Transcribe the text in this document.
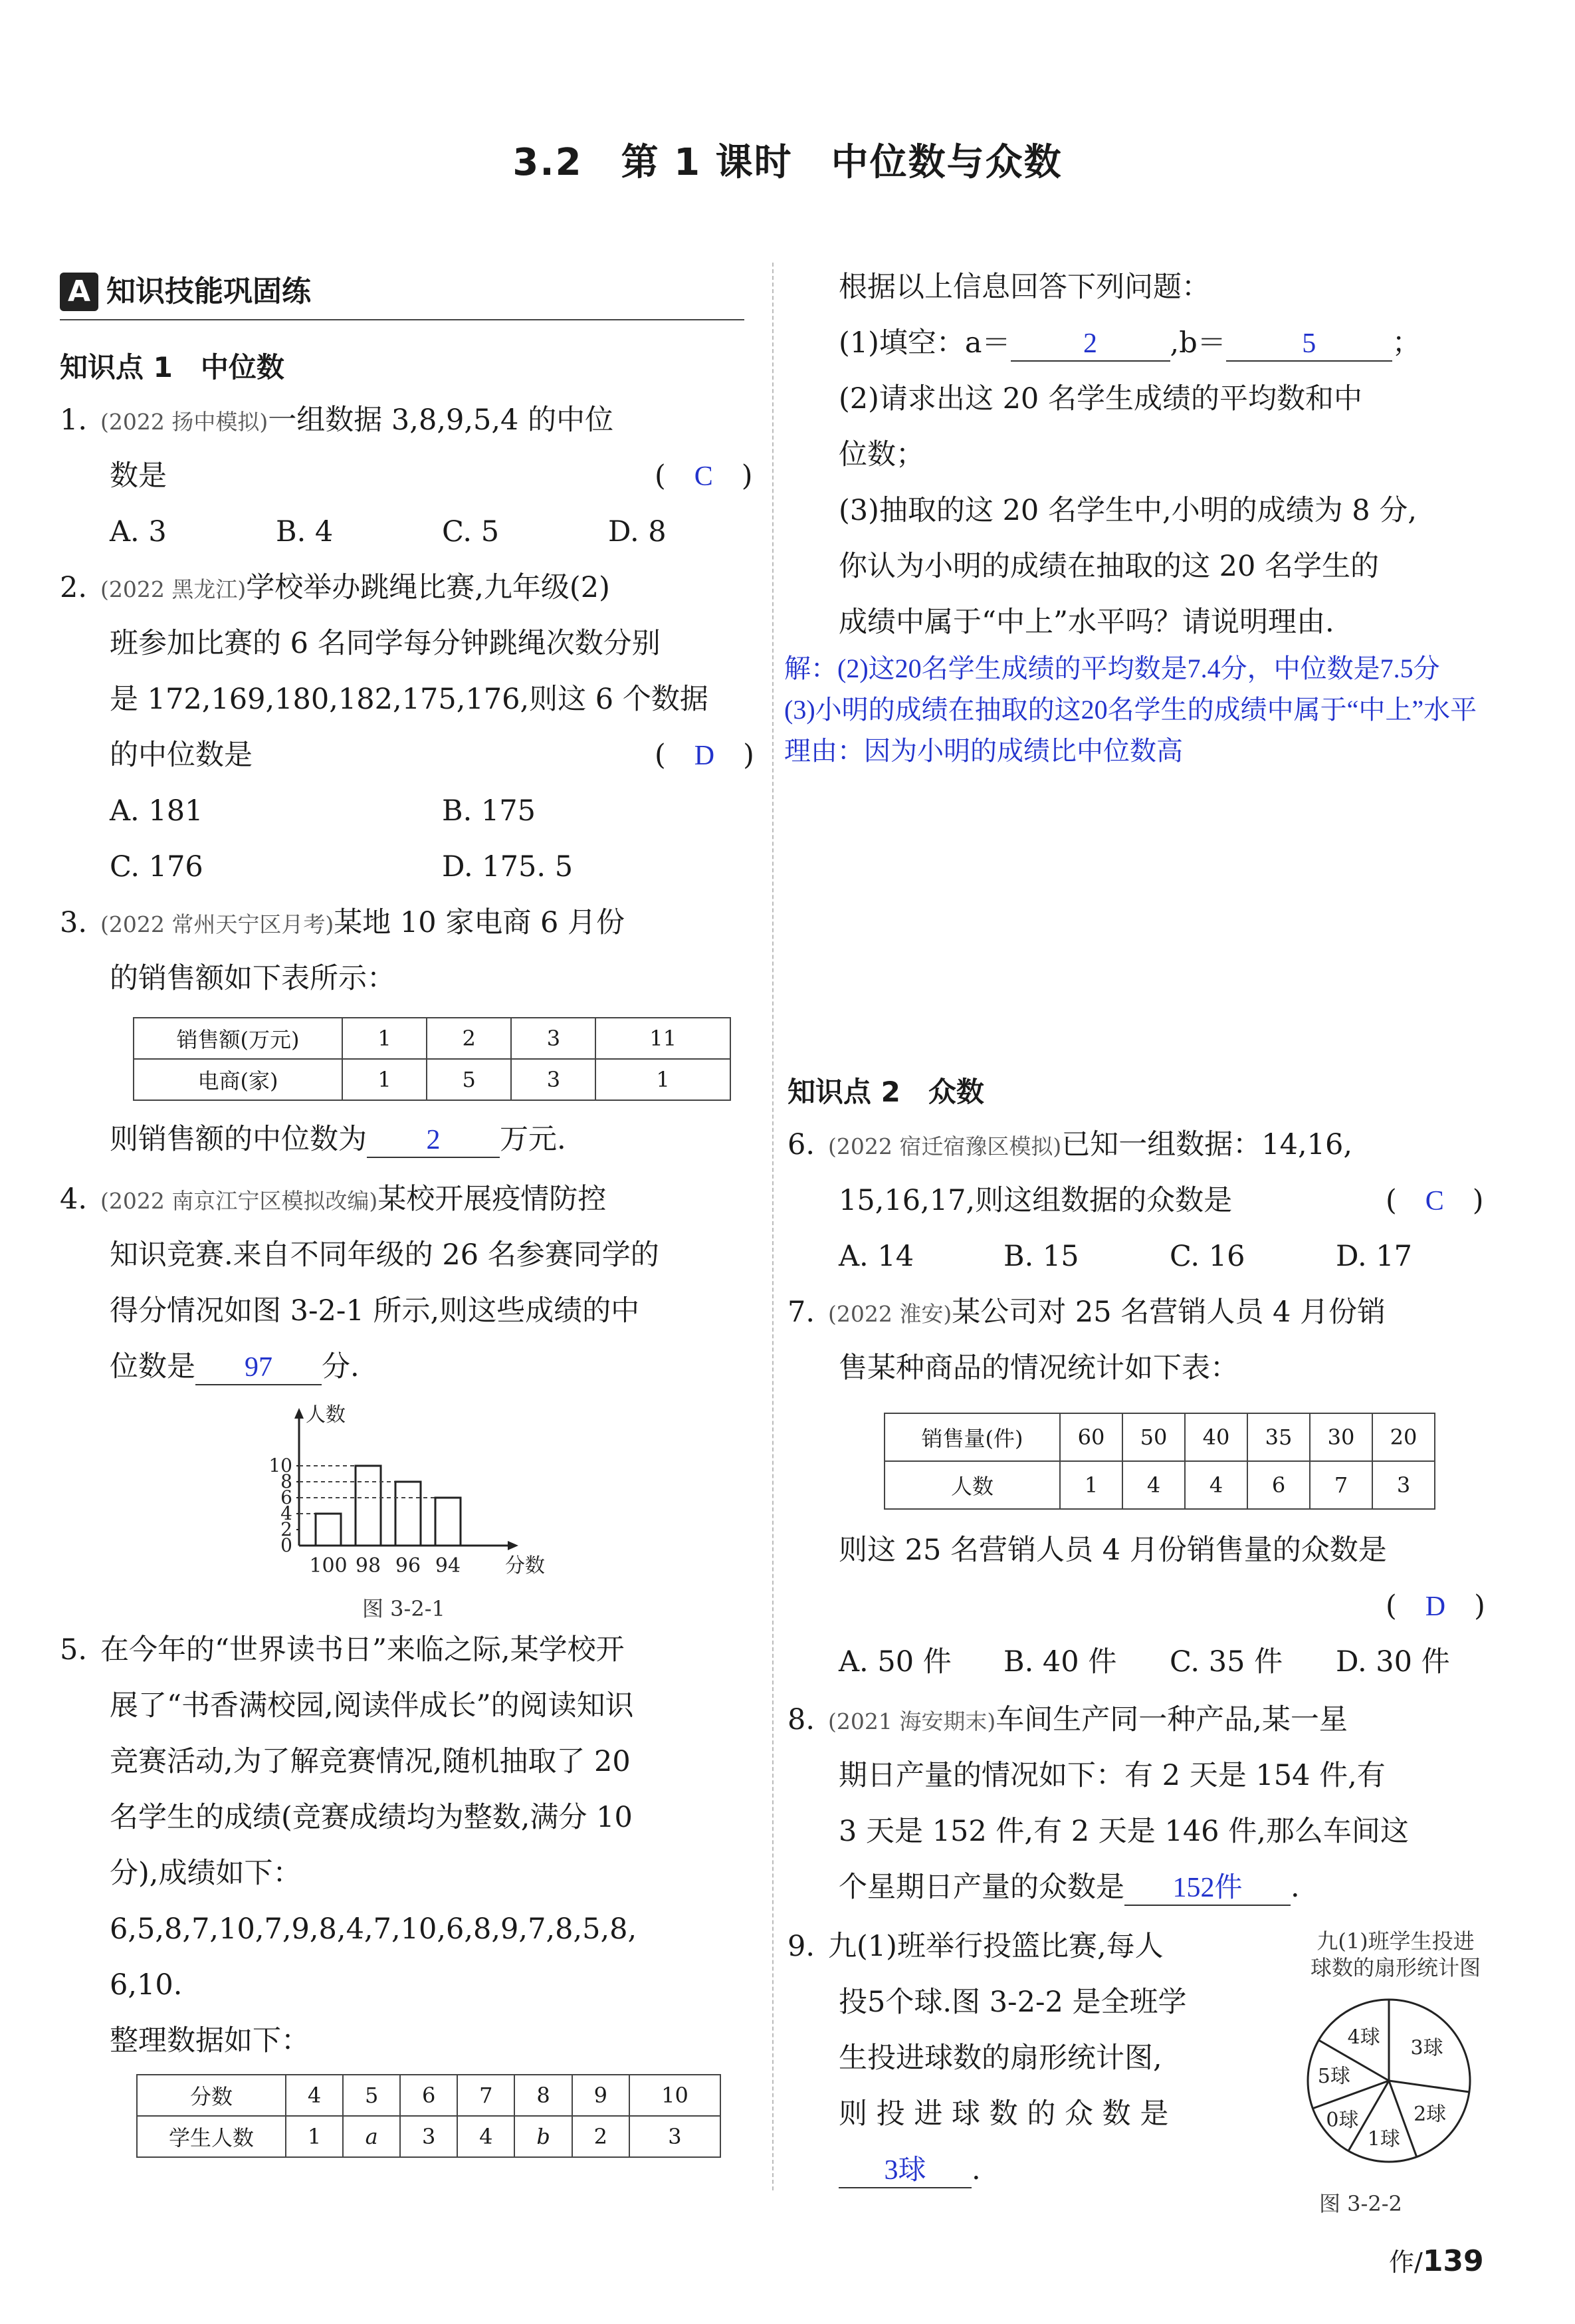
3.2　第 1 课时　中位数与众数
A 知识技能巩固练
知识点 1　中位数
1. (2022 扬中模拟)一组数据 3,8,9,5,4 的中位
数是	(　C　)
A. 3	B. 4	C. 5	D. 8
2. (2022 黑龙江)学校举办跳绳比赛,九年级(2)
班参加比赛的 6 名同学每分钟跳绳次数分别
是 172,169,180,182,175,176,则这 6 个数据
的中位数是	(　D　)
A. 181	B. 175
C. 176	D. 175. 5
3. (2022 常州天宁区月考)某地 10 家电商 6 月份
的销售额如下表所示：
销售额(万元)	1	2	3	11
电商(家)	1	5	3	1
则销售额的中位数为 2 万元.
4. (2022 南京江宁区模拟改编)某校开展疫情防控
知识竞赛.来自不同年级的 26 名参赛同学的
得分情况如图 3-2-1 所示,则这些成绩的中
位数是 97 分.
人数
分数
0
2
4
6
8
10
100 98 96 94
图 3-2-1
5. 在今年的“世界读书日”来临之际,某学校开
展了“书香满校园,阅读伴成长”的阅读知识
竞赛活动,为了解竞赛情况,随机抽取了 20
名学生的成绩(竞赛成绩均为整数,满分 10
分),成绩如下：
6,5,8,7,10,7,9,8,4,7,10,6,8,9,7,8,5,8,
6,10.
整理数据如下：
分数	4	5	6	7	8	9	10
学生人数	1	a	3	4	b	2	3
根据以上信息回答下列问题：
(1)填空：a＝	2	,b＝	5	；
(2)请求出这 20 名学生成绩的平均数和中
位数；
(3)抽取的这 20 名学生中,小明的成绩为 8 分,
你认为小明的成绩在抽取的这 20 名学生的
成绩中属于“中上”水平吗？请说明理由.
解：(2)这20名学生成绩的平均数是7.4分，中位数是7.5分
(3)小明的成绩在抽取的这20名学生的成绩中属于“中上”水平
理由：因为小明的成绩比中位数高
知识点 2　众数
6. (2022 宿迁宿豫区模拟)已知一组数据：14,16,
15,16,17,则这组数据的众数是	(　C　)
A. 14	B. 15	C. 16	D. 17
7. (2022 淮安)某公司对 25 名营销人员 4 月份销
售某种商品的情况统计如下表：
销售量(件)	60	50	40	35	30	20
人数	1	4	4	6	7	3
则这 25 名营销人员 4 月份销售量的众数是
(　D　)
A. 50 件 B. 40 件 C. 35 件 D. 30 件
8. (2021 海安期末)车间生产同一种产品,某一星
期日产量的情况如下：有 2 天是 154 件,有
3 天是 152 件,有 2 天是 146 件,那么车间这
个星期日产量的众数是 152件 .
9. 九(1)班举行投篮比赛,每人
投5个球.图 3-2-2 是全班学
生投进球数的扇形统计图,
则 投 进 球 数 的 众 数 是
3球 .
九(1)班学生投进
球数的扇形统计图
3球
2球
1球
0球
5球
4球
图 3-2-2
作/139
